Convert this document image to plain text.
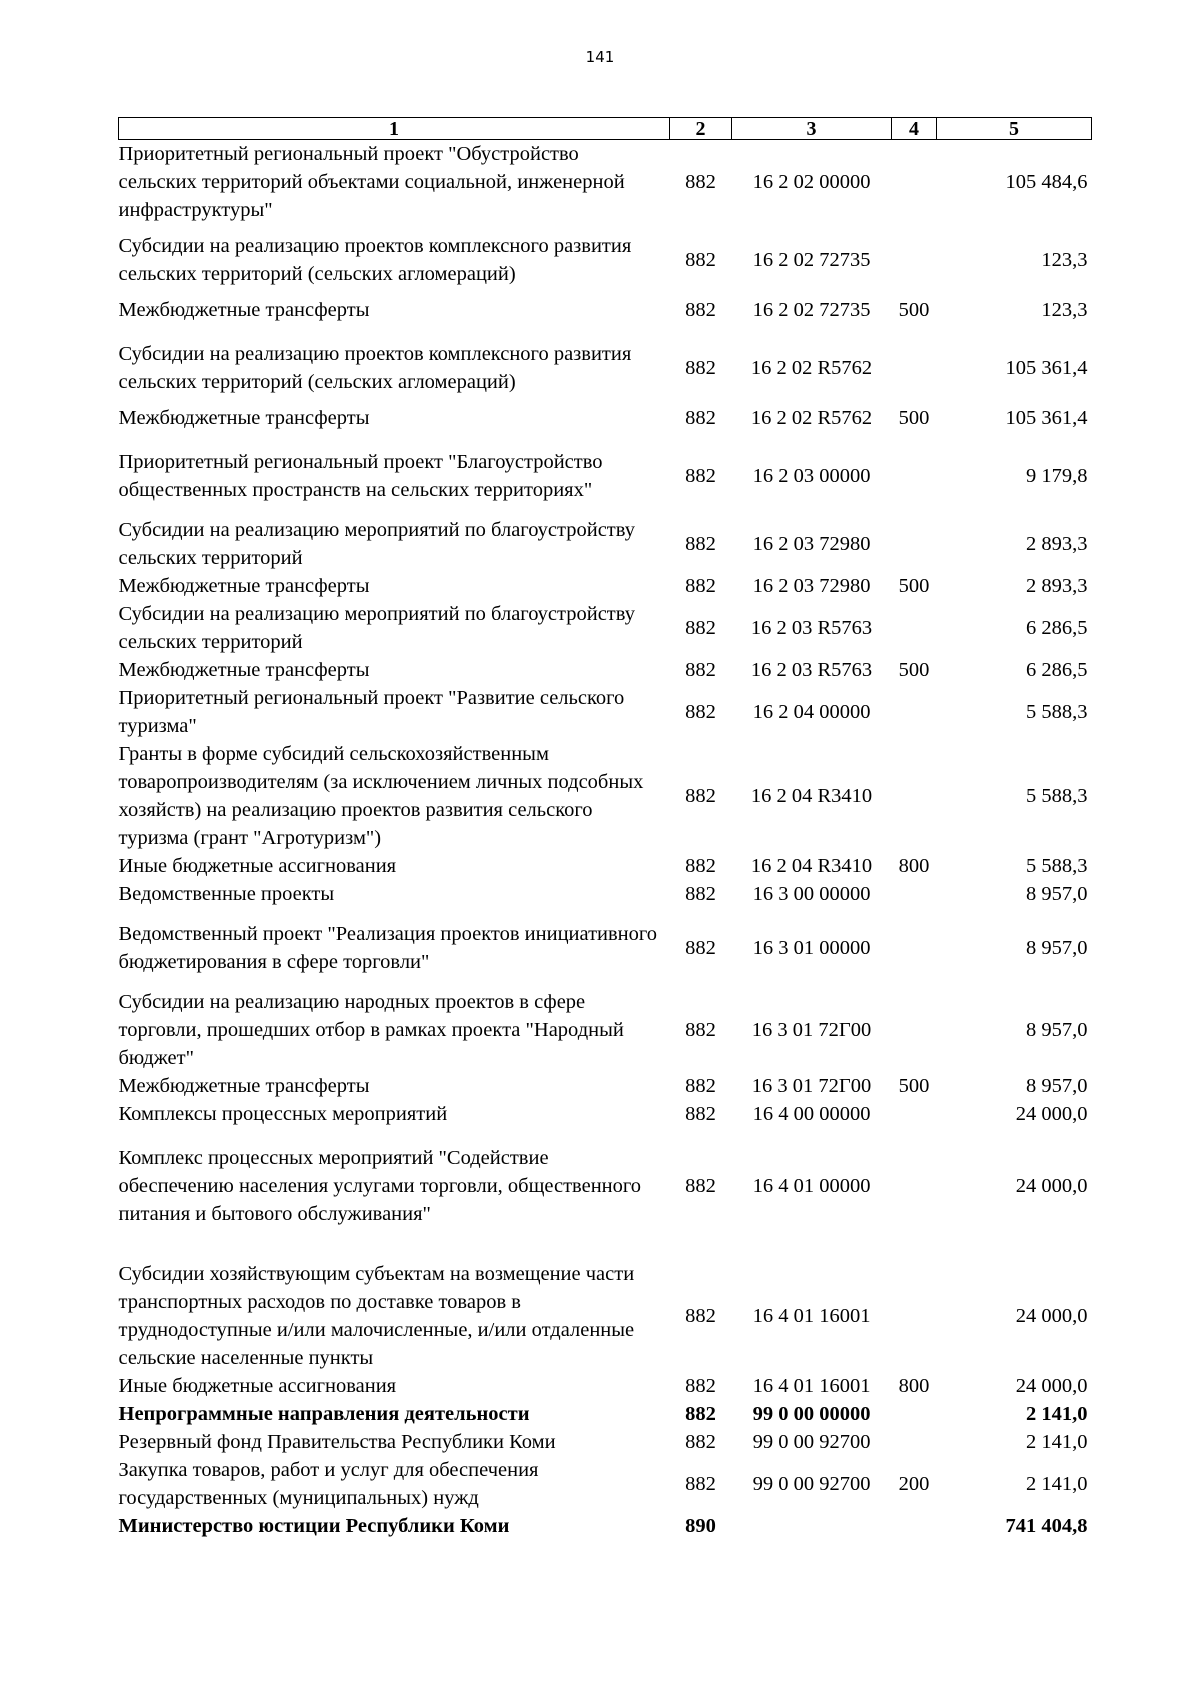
141
1	2	3	4	5
Приоритетный региональный проект "Обустройство сельских территорий объектами социальной, инженерной инфраструктуры"	882	16 2 02 00000		105 484,6
Субсидии на реализацию проектов комплексного развития сельских территорий (сельских агломераций)	882	16 2 02 72735		123,3
Межбюджетные трансферты	882	16 2 02 72735	500	123,3
Субсидии на реализацию проектов комплексного развития сельских территорий (сельских агломераций)	882	16 2 02 R5762		105 361,4
Межбюджетные трансферты	882	16 2 02 R5762	500	105 361,4
Приоритетный региональный проект "Благоустройство общественных пространств на сельских территориях"	882	16 2 03 00000		9 179,8
Субсидии на реализацию мероприятий по благоустройству сельских территорий	882	16 2 03 72980		2 893,3
Межбюджетные трансферты	882	16 2 03 72980	500	2 893,3
Субсидии на реализацию мероприятий по благоустройству сельских территорий	882	16 2 03 R5763		6 286,5
Межбюджетные трансферты	882	16 2 03 R5763	500	6 286,5
Приоритетный региональный проект "Развитие сельского туризма"	882	16 2 04 00000		5 588,3
Гранты в форме субсидий сельскохозяйственным товаропроизводителям (за исключением личных подсобных хозяйств) на реализацию проектов развития сельского туризма (грант "Агротуризм")	882	16 2 04 R3410		5 588,3
Иные бюджетные ассигнования	882	16 2 04 R3410	800	5 588,3
Ведомственные проекты	882	16 3 00 00000		8 957,0
Ведомственный проект "Реализация проектов инициативного бюджетирования в сфере торговли"	882	16 3 01 00000		8 957,0
Субсидии на реализацию народных проектов в сфере торговли, прошедших отбор в рамках проекта "Народный бюджет"	882	16 3 01 72Г00		8 957,0
Межбюджетные трансферты	882	16 3 01 72Г00	500	8 957,0
Комплексы процессных мероприятий	882	16 4 00 00000		24 000,0
Комплекс процессных мероприятий "Содействие обеспечению населения услугами торговли, общественного питания и бытового обслуживания"	882	16 4 01 00000		24 000,0
Субсидии хозяйствующим субъектам на возмещение части транспортных расходов по доставке товаров в труднодоступные и/или малочисленные, и/или отдаленные сельские населенные пункты	882	16 4 01 16001		24 000,0
Иные бюджетные ассигнования	882	16 4 01 16001	800	24 000,0
Непрограммные направления деятельности	882	99 0 00 00000		2 141,0
Резервный фонд Правительства Республики Коми	882	99 0 00 92700		2 141,0
Закупка товаров, работ и услуг для обеспечения государственных (муниципальных) нужд	882	99 0 00 92700	200	2 141,0
Министерство юстиции Республики Коми	890			741 404,8
